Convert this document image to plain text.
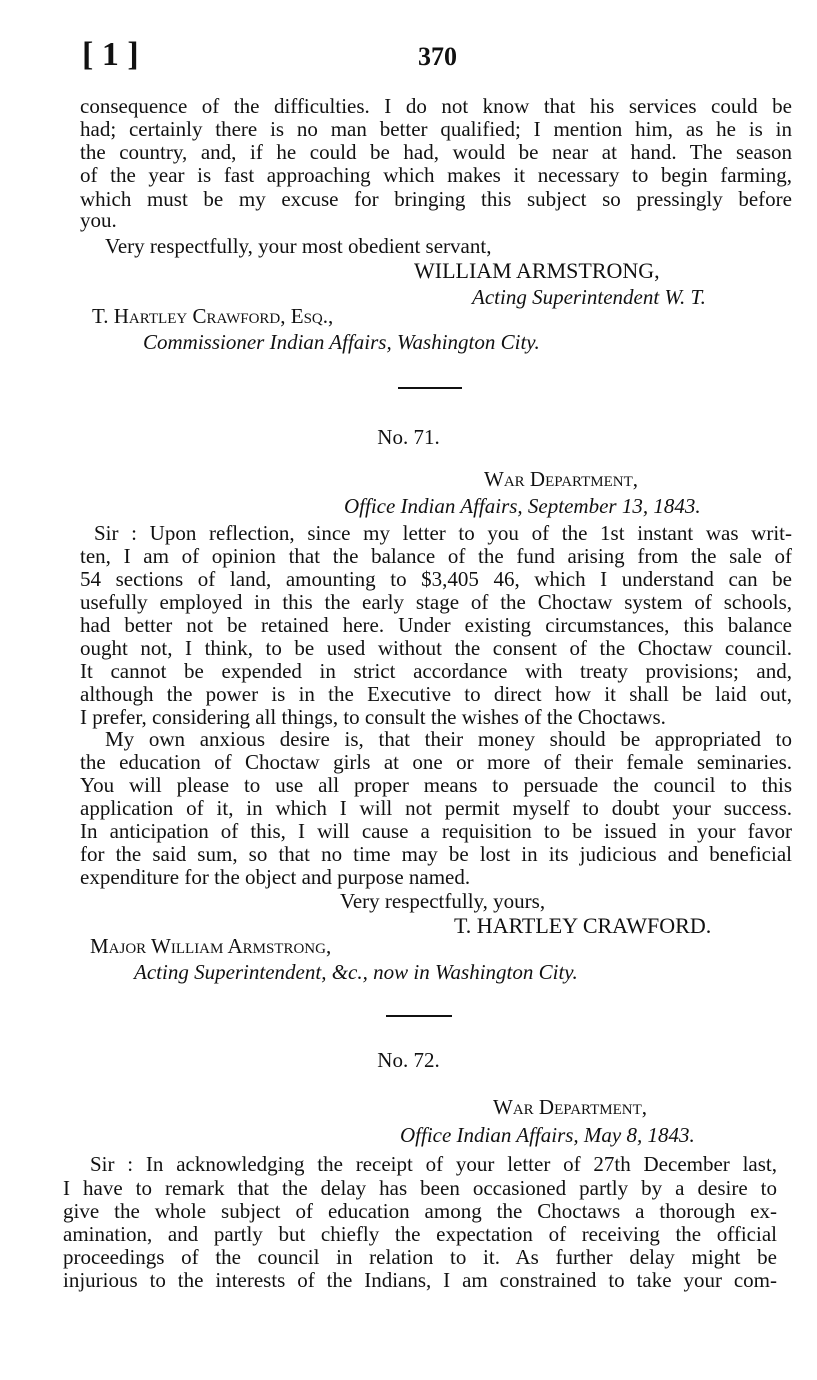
[ 1 ]	370

consequence of the difficulties. I do not know that his services could be

had; certainly there is no man better qualified; I mention him, as he is in

the country, and, if he could be had, would be near at hand. The season

of the year is fast approaching which makes it necessary to begin farming,

which must be my excuse for bringing this subject so pressingly before

you.

Very respectfully, your most obedient servant,

WILLIAM ARMSTRONG,

Acting Superintendent W. T.

T. Hartley Crawford, Esq.,

Commissioner Indian Affairs, Washington City.

No. 71.

War Department,

Office Indian Affairs, September 13, 1843.

Sir : Upon reflection, since my letter to you of the 1st instant was writ-

ten, I am of opinion that the balance of the fund arising from the sale of

54 sections of land, amounting to $3,405 46, which I understand can be

usefully employed in this the early stage of the Choctaw system of schools,

had better not be retained here. Under existing circumstances, this balance

ought not, I think, to be used without the consent of the Choctaw council.

It cannot be expended in strict accordance with treaty provisions; and,

although the power is in the Executive to direct how it shall be laid out,

I prefer, considering all things, to consult the wishes of the Choctaws.

My own anxious desire is, that their money should be appropriated to

the education of Choctaw girls at one or more of their female seminaries.

You will please to use all proper means to persuade the council to this

application of it, in which I will not permit myself to doubt your success.

In anticipation of this, I will cause a requisition to be issued in your favor

for the said sum, so that no time may be lost in its judicious and beneficial

expenditure for the object and purpose named.

Very respectfully, yours,

T. HARTLEY CRAWFORD.

Major William Armstrong,

Acting Superintendent, &c., now in Washington City.

No. 72.

War Department,

Office Indian Affairs, May 8, 1843.

Sir : In acknowledging the receipt of your letter of 27th December last,

I have to remark that the delay has been occasioned partly by a desire to

give the whole subject of education among the Choctaws a thorough ex-

amination, and partly but chiefly the expectation of receiving the official

proceedings of the council in relation to it. As further delay might be

injurious to the interests of the Indians, I am constrained to take your com-
